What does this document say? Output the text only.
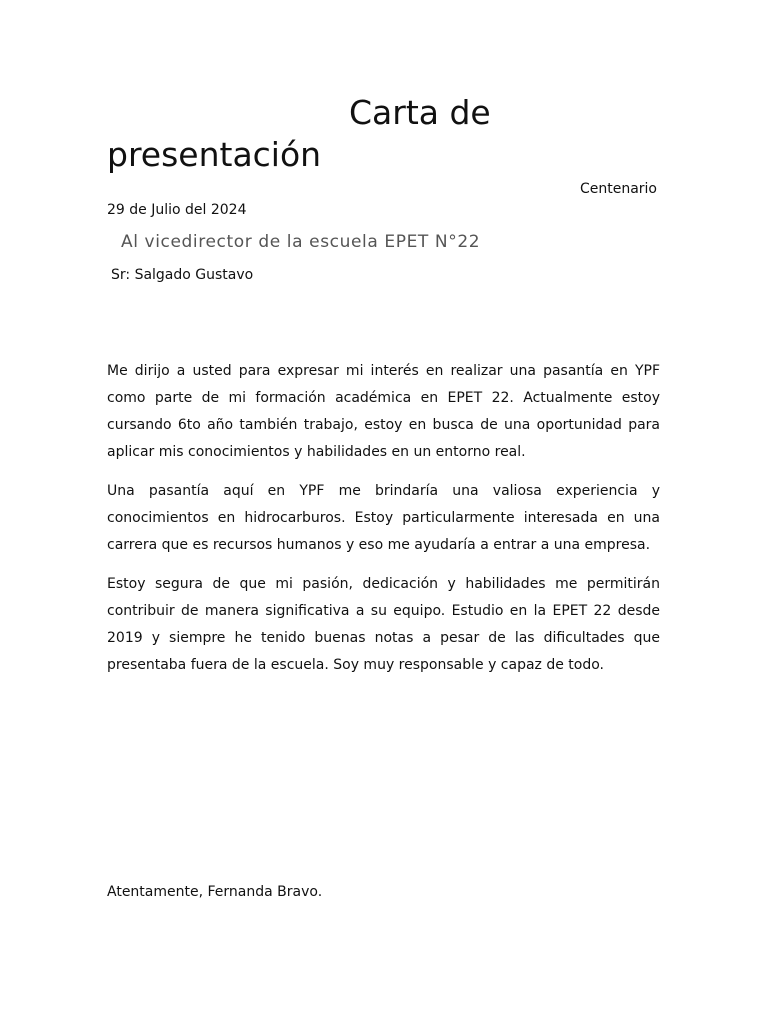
Carta de presentación
Centenario
29 de Julio del 2024
Al vicedirector de la escuela EPET N°22
Sr: Salgado Gustavo

Me dirijo a usted para expresar mi interés en realizar una pasantía en YPF como parte de mi formación académica en EPET 22. Actualmente estoy cursando 6to año también trabajo, estoy en busca de una oportunidad para aplicar mis conocimientos y habilidades en un entorno real.

Una pasantía aquí en YPF me brindaría una valiosa experiencia y conocimientos en hidrocarburos. Estoy particularmente interesada en una carrera que es recursos humanos y eso me ayudaría a entrar a una empresa.

Estoy segura de que mi pasión, dedicación y habilidades me permitirán contribuir de manera significativa a su equipo. Estudio en la EPET 22 desde 2019 y siempre he tenido buenas notas a pesar de las dificultades que presentaba fuera de la escuela. Soy muy responsable y capaz de todo.

Atentamente, Fernanda Bravo.
